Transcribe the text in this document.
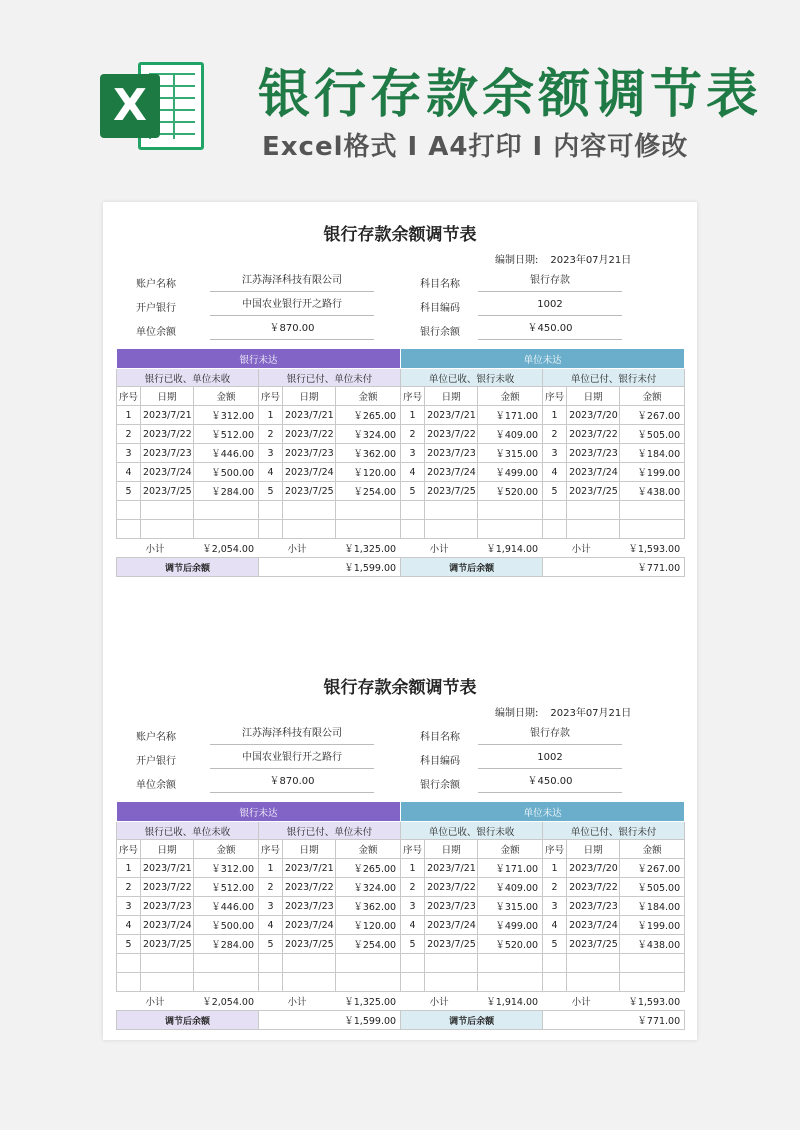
X 银行存款余额调节表
Excel格式 I A4打印 I 内容可修改
银行存款余额调节表
编制日期: 2023年07月21日
账户名称	江苏海泽科技有限公司
开户银行	中国农业银行开之路行
单位余额	￥870.00
科目名称	银行存款
科目编码	1002
银行余额	￥450.00
银行未达						单位未达					
银行已收、单位未收			银行已付、单位未付			单位已收、银行未收			单位已付、银行未付		
序号	日期	金额	序号	日期	金额	序号	日期	金额	序号	日期	金额
1	2023/7/21	￥312.00	1	2023/7/21	￥265.00	1	2023/7/21	￥171.00	1	2023/7/20	￥267.00
2	2023/7/22	￥512.00	2	2023/7/22	￥324.00	2	2023/7/22	￥409.00	2	2023/7/22	￥505.00
3	2023/7/23	￥446.00	3	2023/7/23	￥362.00	3	2023/7/23	￥315.00	3	2023/7/23	￥184.00
4	2023/7/24	￥500.00	4	2023/7/24	￥120.00	4	2023/7/24	￥499.00	4	2023/7/24	￥199.00
5	2023/7/25	￥284.00	5	2023/7/25	￥254.00	5	2023/7/25	￥520.00	5	2023/7/25	￥438.00

小计		￥2,054.00	小计		￥1,325.00	小计		￥1,914.00	小计		￥1,593.00
调节后余额			￥1,599.00			调节后余额			￥771.00		
银行存款余额调节表
编制日期: 2023年07月21日
账户名称	江苏海泽科技有限公司
开户银行	中国农业银行开之路行
单位余额	￥870.00
科目名称	银行存款
科目编码	1002
银行余额	￥450.00
银行未达						单位未达					
银行已收、单位未收			银行已付、单位未付			单位已收、银行未收			单位已付、银行未付		
序号	日期	金额	序号	日期	金额	序号	日期	金额	序号	日期	金额
1	2023/7/21	￥312.00	1	2023/7/21	￥265.00	1	2023/7/21	￥171.00	1	2023/7/20	￥267.00
2	2023/7/22	￥512.00	2	2023/7/22	￥324.00	2	2023/7/22	￥409.00	2	2023/7/22	￥505.00
3	2023/7/23	￥446.00	3	2023/7/23	￥362.00	3	2023/7/23	￥315.00	3	2023/7/23	￥184.00
4	2023/7/24	￥500.00	4	2023/7/24	￥120.00	4	2023/7/24	￥499.00	4	2023/7/24	￥199.00
5	2023/7/25	￥284.00	5	2023/7/25	￥254.00	5	2023/7/25	￥520.00	5	2023/7/25	￥438.00

小计		￥2,054.00	小计		￥1,325.00	小计		￥1,914.00	小计		￥1,593.00
调节后余额			￥1,599.00			调节后余额			￥771.00		
